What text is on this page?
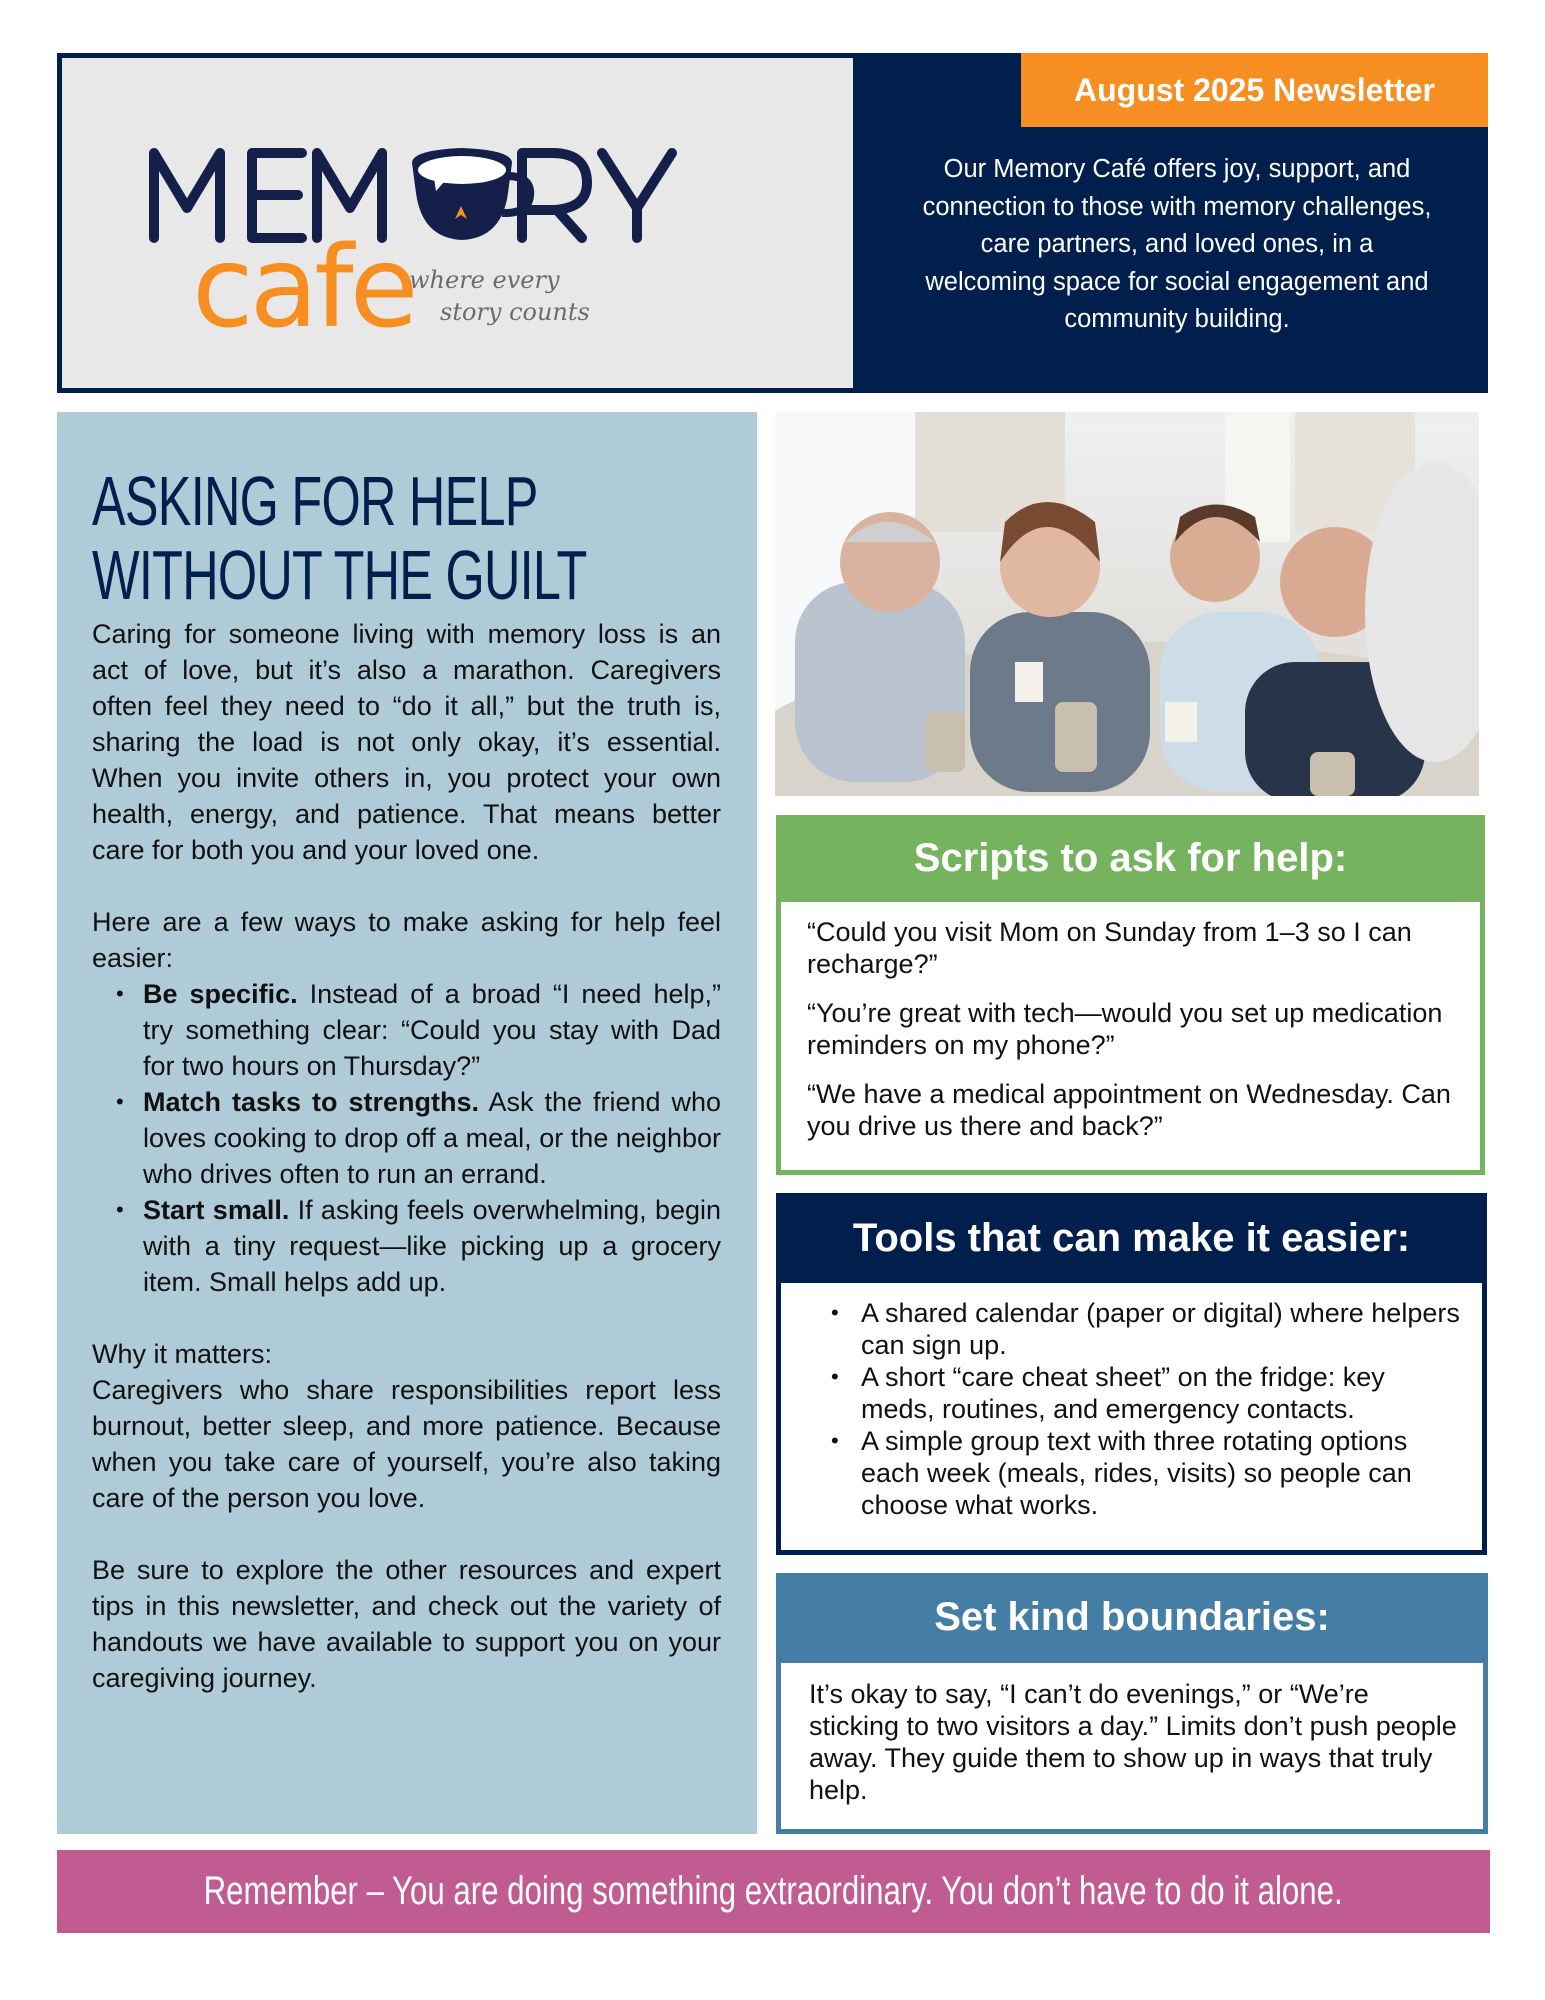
cafe
where every
story counts
August 2025 Newsletter
Our Memory Café offers joy, support, and connection to those with memory challenges, care partners, and loved ones, in a welcoming space for social engagement and community building.
ASKING FOR HELP
WITHOUT THE GUILT

Caring for someone living with memory loss is an act of love, but it’s also a marathon. Caregivers often feel they need to “do it all,” but the truth is, sharing the load is not only okay, it’s essential. When you invite others in, you protect your own health, energy, and patience. That means better care for both you and your loved one.

Here are a few ways to make asking for help feel easier:

• Be specific. Instead of a broad “I need help,” try something clear: “Could you stay with Dad for two hours on Thursday?”
• Match tasks to strengths. Ask the friend who loves cooking to drop off a meal, or the neighbor who drives often to run an errand.
• Start small. If asking feels overwhelming, begin with a tiny request—like picking up a grocery item. Small helps add up.

Why it matters:

Caregivers who share responsibilities report less burnout, better sleep, and more patience. Because when you take care of yourself, you’re also taking care of the person you love.

Be sure to explore the other resources and expert tips in this newsletter, and check out the variety of handouts we have available to support you on your caregiving journey.

Scripts to ask for help:

“Could you visit Mom on Sunday from 1–3 so I can recharge?”

“You’re great with tech—would you set up medication reminders on my phone?”

“We have a medical appointment on Wednesday. Can you drive us there and back?”

Tools that can make it easier:
• A shared calendar (paper or digital) where helpers can sign up.
• A short “care cheat sheet” on the fridge: key meds, routines, and emergency contacts.
• A simple group text with three rotating options each week (meals, rides, visits) so people can choose what works.
Set kind boundaries:
It’s okay to say, “I can’t do evenings,” or “We’re sticking to two visitors a day.” Limits don’t push people away. They guide them to show up in ways that truly help.
Remember – You are doing something extraordinary. You don’t have to do it alone.
